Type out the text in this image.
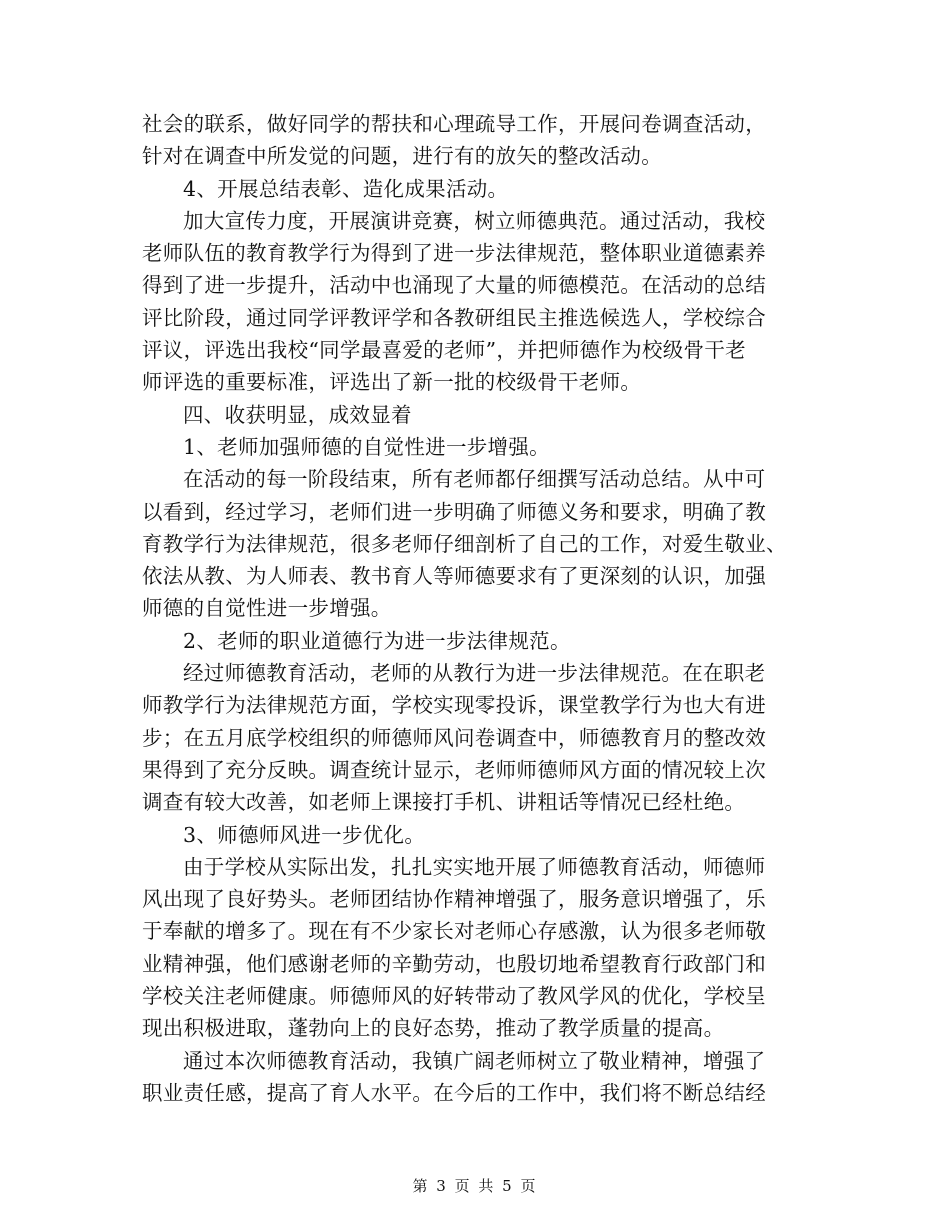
社会的联系，做好同学的帮扶和心理疏导工作，开展问卷调查活动，
针对在调查中所发觉的问题，进行有的放矢的整改活动。
4、开展总结表彰、造化成果活动。
加大宣传力度，开展演讲竞赛，树立师德典范。通过活动，我校
老师队伍的教育教学行为得到了进一步法律规范，整体职业道德素养
得到了进一步提升，活动中也涌现了大量的师德模范。在活动的总结
评比阶段，通过同学评教评学和各教研组民主推选候选人，学校综合
评议，评选出我校“同学最喜爱的老师”，并把师德作为校级骨干老
师评选的重要标准，评选出了新一批的校级骨干老师。
四、收获明显，成效显着
1、老师加强师德的自觉性进一步增强。
在活动的每一阶段结束，所有老师都仔细撰写活动总结。从中可
以看到，经过学习，老师们进一步明确了师德义务和要求，明确了教
育教学行为法律规范，很多老师仔细剖析了自己的工作，对爱生敬业、
依法从教、为人师表、教书育人等师德要求有了更深刻的认识，加强
师德的自觉性进一步增强。
2、老师的职业道德行为进一步法律规范。
经过师德教育活动，老师的从教行为进一步法律规范。在在职老
师教学行为法律规范方面，学校实现零投诉，课堂教学行为也大有进
步；在五月底学校组织的师德师风问卷调查中，师德教育月的整改效
果得到了充分反映。调查统计显示，老师师德师风方面的情况较上次
调查有较大改善，如老师上课接打手机、讲粗话等情况已经杜绝。
3、师德师风进一步优化。
由于学校从实际出发，扎扎实实地开展了师德教育活动，师德师
风出现了良好势头。老师团结协作精神增强了，服务意识增强了，乐
于奉献的增多了。现在有不少家长对老师心存感激，认为很多老师敬
业精神强，他们感谢老师的辛勤劳动，也殷切地希望教育行政部门和
学校关注老师健康。师德师风的好转带动了教风学风的优化，学校呈
现出积极进取，蓬勃向上的良好态势，推动了教学质量的提高。
通过本次师德教育活动，我镇广阔老师树立了敬业精神，增强了
职业责任感，提高了育人水平。在今后的工作中，我们将不断总结经
第 3 页 共 5 页
